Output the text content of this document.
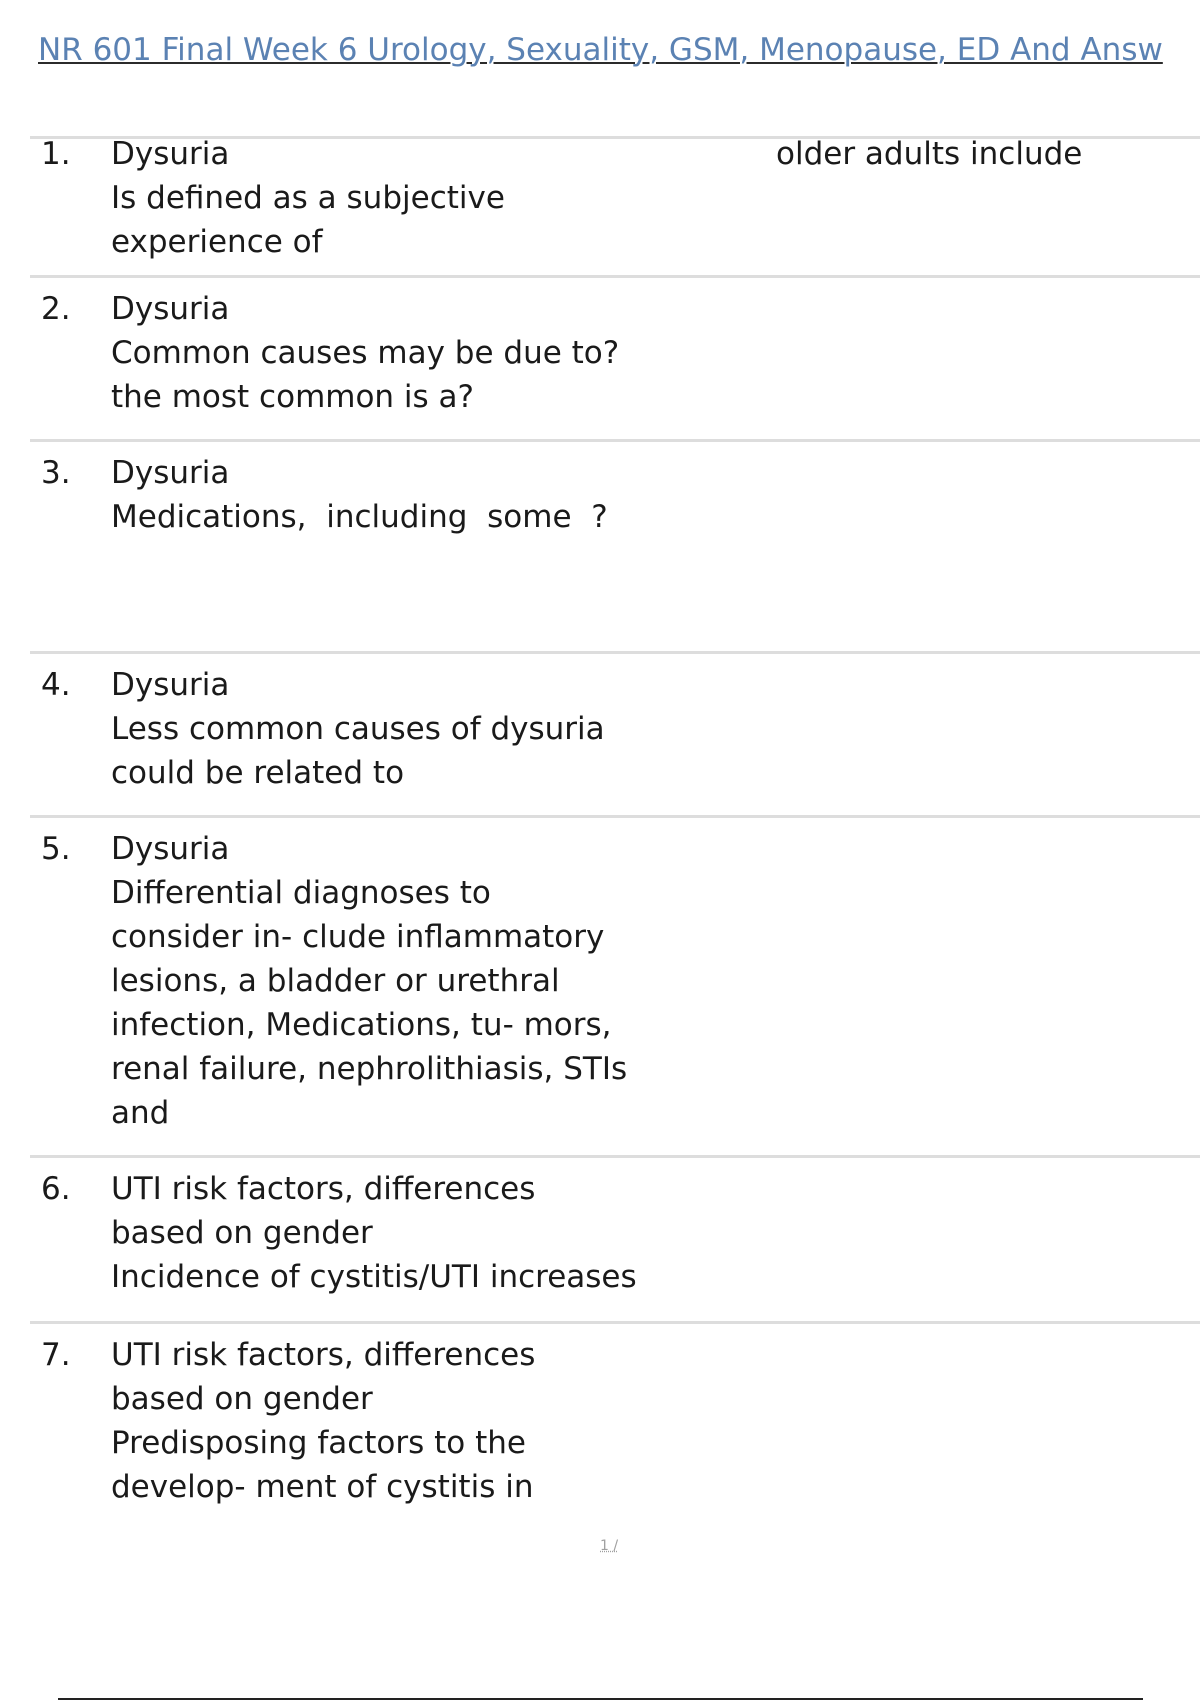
NR 601 Final Week 6 Urology, Sexuality, GSM, Menopause, ED And Answ
1. Dysuria
Is defined as a subjective
experience of
older adults include
2. Dysuria
Common causes may be due to?
the most common is a?
3. Dysuria
Medications,  including  some  ?
4. Dysuria
Less common causes of dysuria
could be related to
5. Dysuria
Differential diagnoses to
consider in- clude inflammatory
lesions, a bladder or urethral
infection, Medications, tu- mors,
renal failure, nephrolithiasis, STIs
and
6. UTI risk factors, differences
based on gender
Incidence of cystitis/UTI increases
7. UTI risk factors, differences
based on gender
Predisposing factors to the
develop- ment of cystitis in
1 /
